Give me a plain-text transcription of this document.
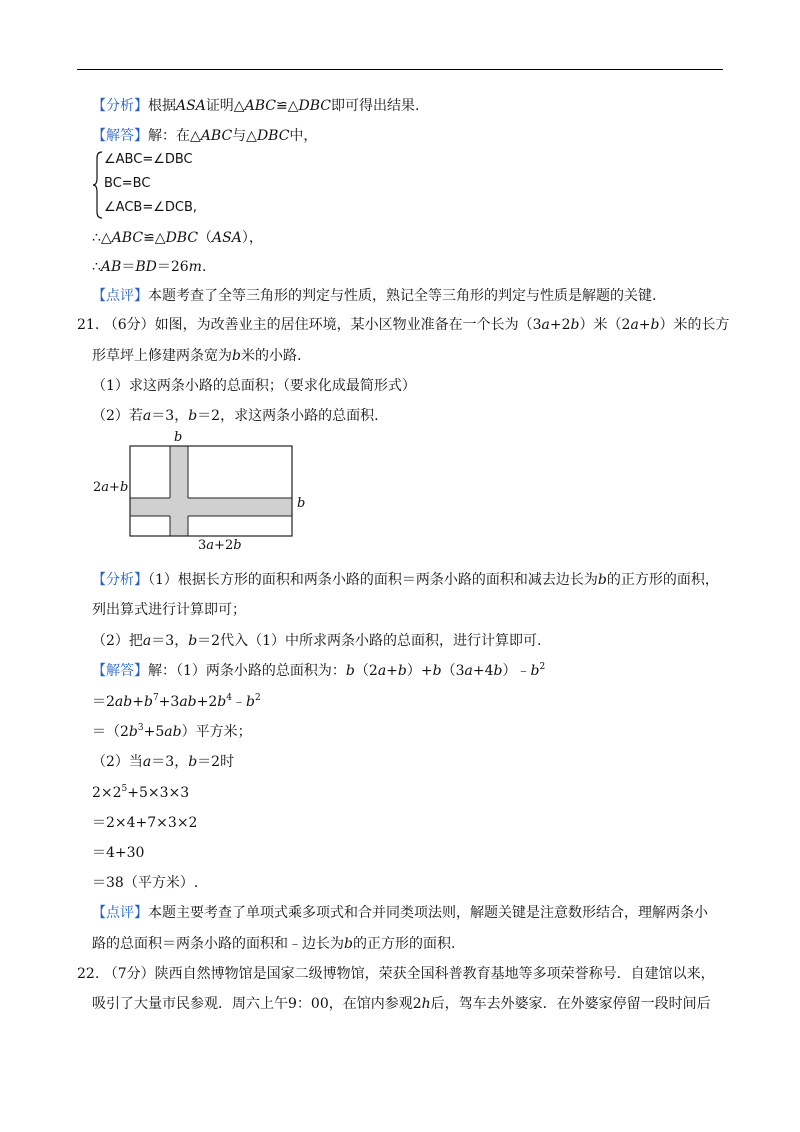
【分析】根据ASA证明△ABC≌△DBC即可得出结果.
【解答】解：在△ABC与△DBC中，
∠ABC=∠DBC
BC=BC
∠ACB=∠DCB,
∴△ABC≌△DBC（ASA），
∴AB＝BD＝26m.
【点评】本题考查了全等三角形的判定与性质，熟记全等三角形的判定与性质是解题的关键.
21. （6分）如图，为改善业主的居住环境，某小区物业准备在一个长为（3a+2b）米（2a+b）米的长方
形草坪上修建两条宽为b米的小路.
（1）求这两条小路的总面积；（要求化成最简形式）
（2）若a＝3，b＝2，求这两条小路的总面积.
b
2a+b
b
3a+2b
【分析】（1）根据长方形的面积和两条小路的面积＝两条小路的面积和减去边长为b的正方形的面积，
列出算式进行计算即可；
（2）把a＝3，b＝2代入（1）中所求两条小路的总面积，进行计算即可.
【解答】解：（1）两条小路的总面积为：$b(2a+b)+b(3a+4b)﹣b^2$
$=2ab+b^7+3ab+2b^4﹣b^2$
$=(2b^3+5ab)$平方米；
（2）当a＝3，b＝2时
$2\times 2^5+5\times 3\times 3$
＝2×4+7×3×2
＝4+30
＝38（平方米）.
【点评】本题主要考查了单项式乘多项式和合并同类项法则，解题关键是注意数形结合，理解两条小
路的总面积＝两条小路的面积和﹣边长为b的正方形的面积.
22. （7分）陕西自然博物馆是国家二级博物馆，荣获全国科普教育基地等多项荣誉称号．自建馆以来，
吸引了大量市民参观．周六上午9：00，在馆内参观2h后，驾车去外婆家．在外婆家停留一段时间后
